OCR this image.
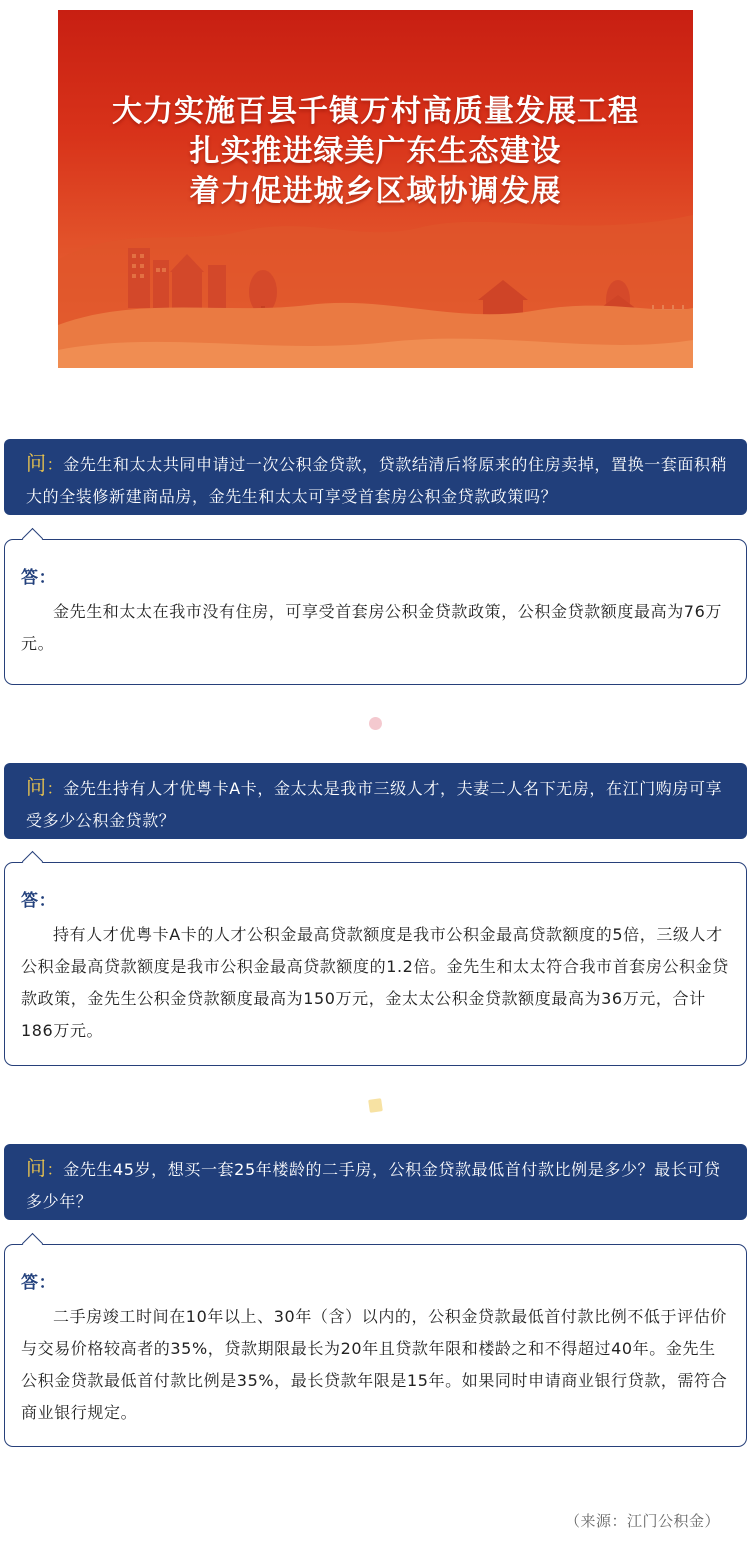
大力实施百县千镇万村高质量发展工程
扎实推进绿美广东生态建设
着力促进城乡区域协调发展
问：金先生和太太共同申请过一次公积金贷款，贷款结清后将原来的住房卖掉，置换一套面积稍大的全装修新建商品房，金先生和太太可享受首套房公积金贷款政策吗？
答：

金先生和太太在我市没有住房，可享受首套房公积金贷款政策，公积金贷款额度最高为76万元。

问：金先生持有人才优粤卡A卡，金太太是我市三级人才，夫妻二人名下无房，在江门购房可享受多少公积金贷款？
答：

持有人才优粤卡A卡的人才公积金最高贷款额度是我市公积金最高贷款额度的5倍，三级人才公积金最高贷款额度是我市公积金最高贷款额度的1.2倍。金先生和太太符合我市首套房公积金贷款政策，金先生公积金贷款额度最高为150万元，金太太公积金贷款额度最高为36万元，合计186万元。

问：金先生45岁，想买一套25年楼龄的二手房，公积金贷款最低首付款比例是多少？最长可贷多少年？
答：

二手房竣工时间在10年以上、30年（含）以内的，公积金贷款最低首付款比例不低于评估价与交易价格较高者的35%，贷款期限最长为20年且贷款年限和楼龄之和不得超过40年。金先生公积金贷款最低首付款比例是35%，最长贷款年限是15年。如果同时申请商业银行贷款，需符合商业银行规定。

（来源：江门公积金）
